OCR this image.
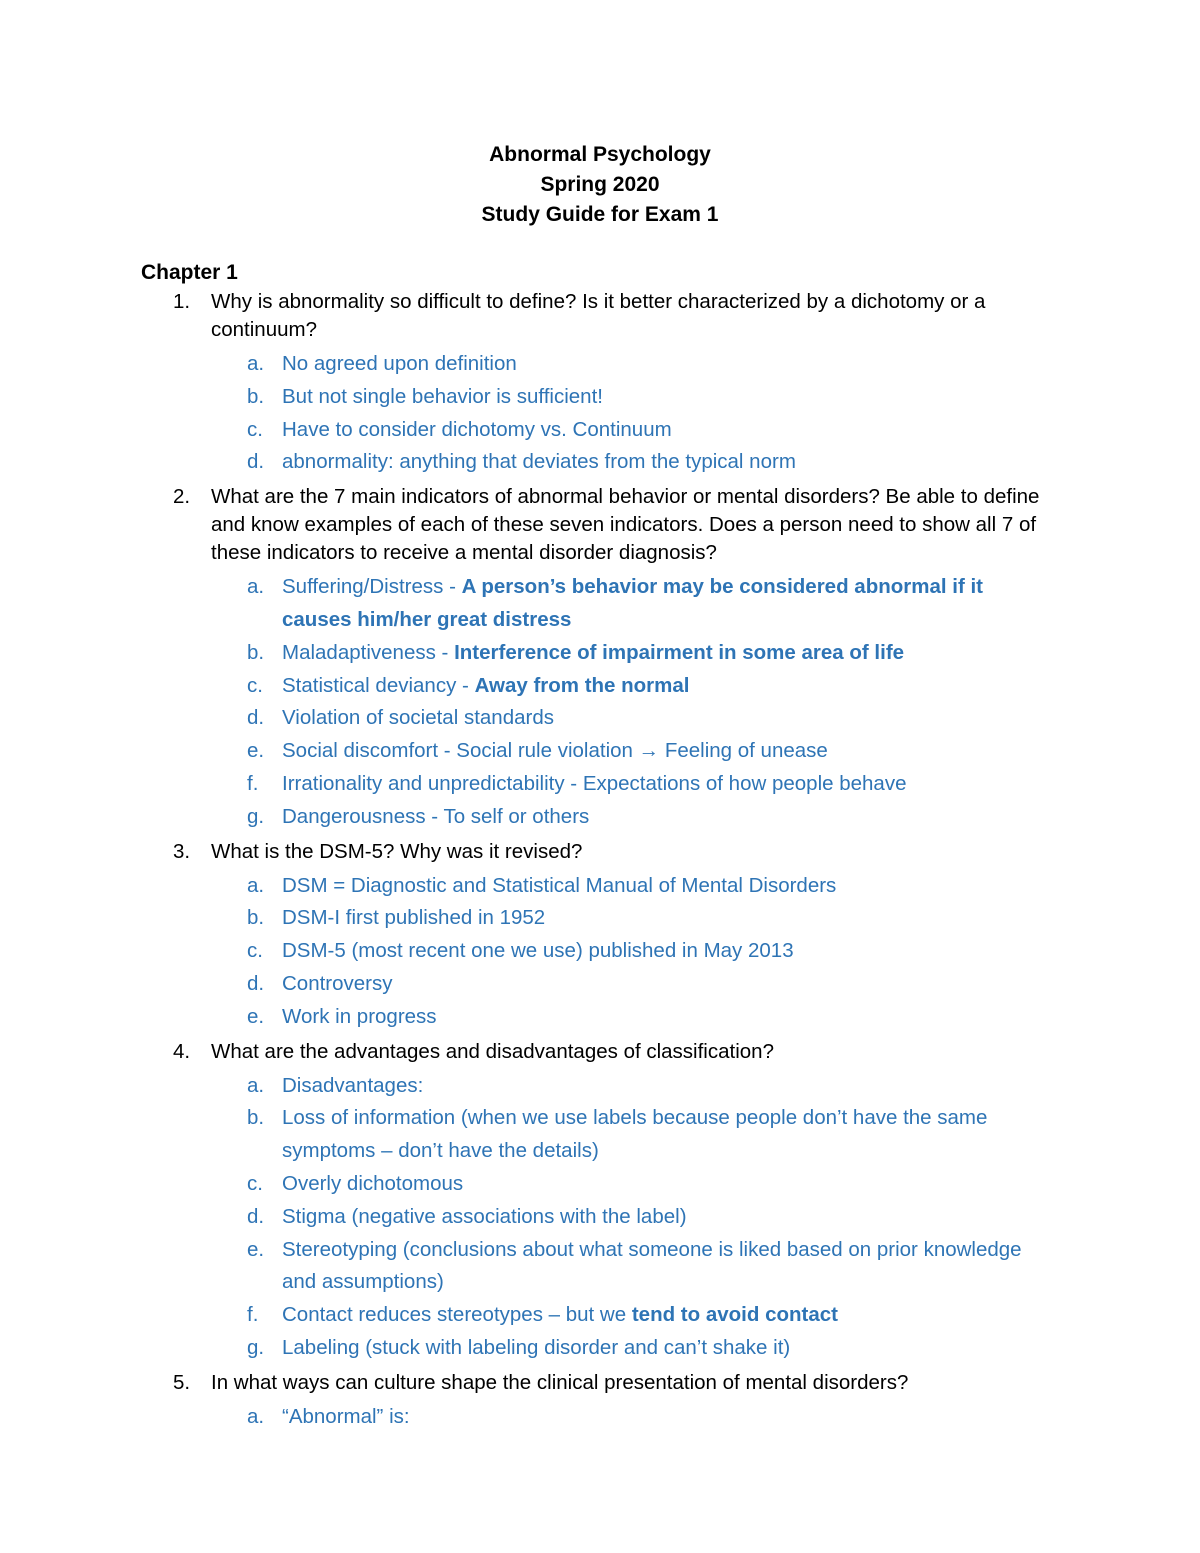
Abnormal Psychology
Spring 2020
Study Guide for Exam 1
Chapter 1
1. Why is abnormality so difficult to define? Is it better characterized by a dichotomy or a continuum?
a. No agreed upon definition
b. But not single behavior is sufficient!
c. Have to consider dichotomy vs. Continuum
d. abnormality: anything that deviates from the typical norm
2. What are the 7 main indicators of abnormal behavior or mental disorders? Be able to define and know examples of each of these seven indicators. Does a person need to show all 7 of these indicators to receive a mental disorder diagnosis?
a. Suffering/Distress - A person’s behavior may be considered abnormal if it causes him/her great distress
b. Maladaptiveness - Interference of impairment in some area of life
c. Statistical deviancy - Away from the normal
d. Violation of societal standards
e. Social discomfort - Social rule violation → Feeling of unease
f. Irrationality and unpredictability - Expectations of how people behave
g. Dangerousness - To self or others
3. What is the DSM-5? Why was it revised?
a. DSM = Diagnostic and Statistical Manual of Mental Disorders
b. DSM-I first published in 1952
c. DSM-5 (most recent one we use) published in May 2013
d. Controversy
e. Work in progress
4. What are the advantages and disadvantages of classification?
a. Disadvantages:
b. Loss of information (when we use labels because people don’t have the same symptoms – don’t have the details)
c. Overly dichotomous
d. Stigma (negative associations with the label)
e. Stereotyping (conclusions about what someone is liked based on prior knowledge and assumptions)
f. Contact reduces stereotypes – but we tend to avoid contact
g. Labeling (stuck with labeling disorder and can’t shake it)
5. In what ways can culture shape the clinical presentation of mental disorders?
a. “Abnormal” is:
